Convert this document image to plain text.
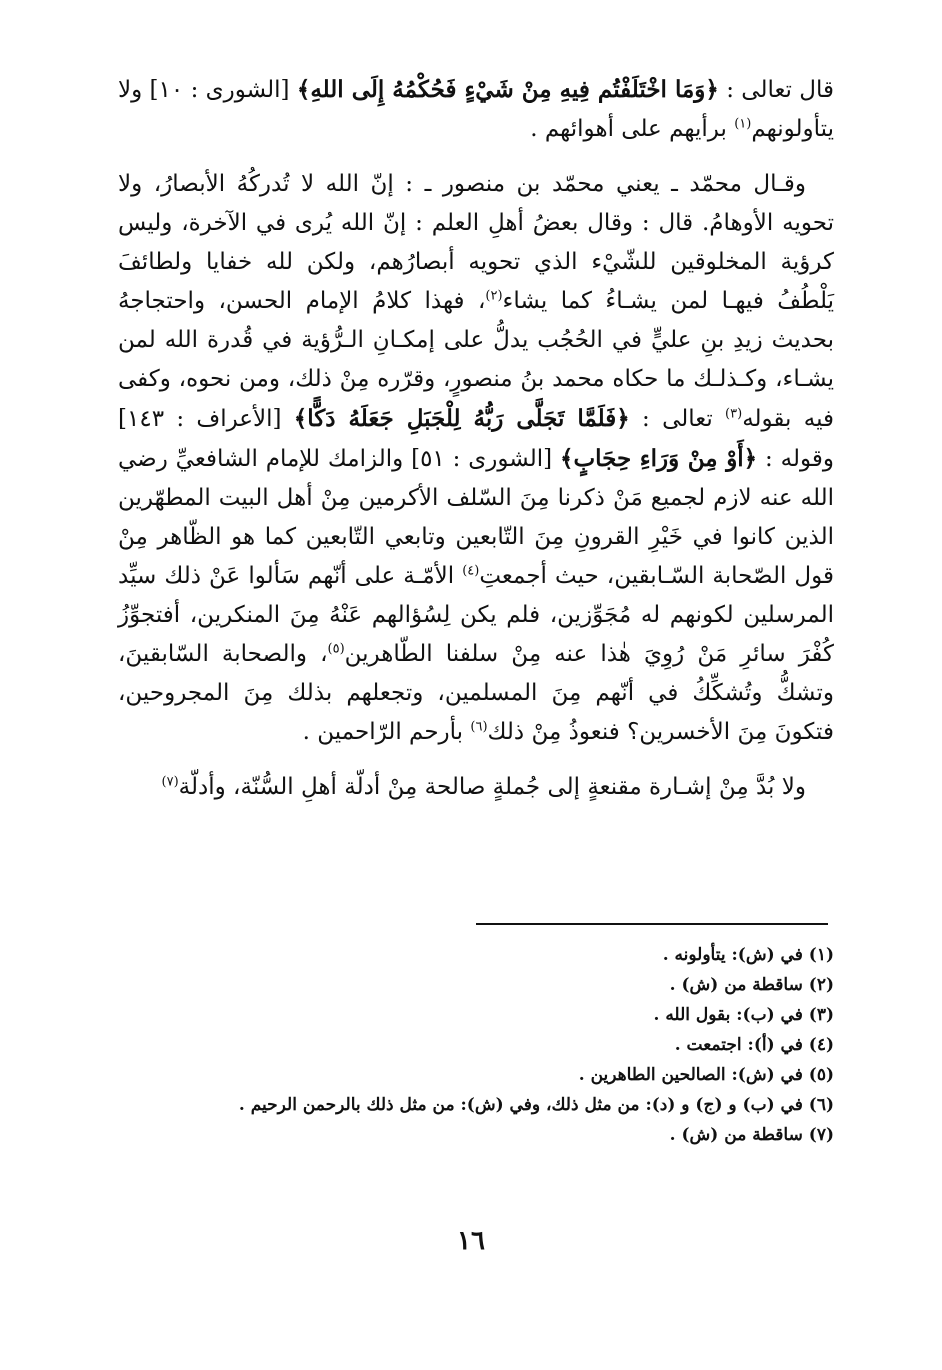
قال تعالى : ﴿وَمَا اخْتَلَفْتُم فِيهِ مِنْ شَيْءٍ فَحُكْمُهُ إِلَى اللهِ﴾ [الشورى : ١٠] ولا يتأولونهم$^{(١)}$ برأيهم على أهوائهم .

وقـال محمّد ـ يعني محمّد بن منصور ـ : إنّ الله لا تُدركُهُ الأبصارُ، ولا تحويه الأوهامُ. قال : وقال بعضُ أهلِ العلم : إنّ الله يُرى في الآخرة، وليس كرؤية المخلوقين للشّيْء الذي تحويه أبصارُهم، ولكن لله خفايا ولطائفَ يَلْطُفُ فيهـا لمن يشـاءُ كما يشاء$^{(٢)}$، فهذا كلامُ الإمام الحسن، واحتجاجهُ بحديث زيدِ بنِ عليٍّ في الحُجُب يدلُّ على إمكـانِ الـرُّؤية في قُدرة الله لمن يشـاء، وكـذلـك ما حكاه محمد بنُ منصورٍ، وقرّره مِنْ ذلك، ومن نحوه، وكفى فيه بقوله$^{(٣)}$ تعالى : ﴿فَلَمَّا تَجَلَّى رَبُّهُ لِلْجَبَلِ جَعَلَهُ دَكًّا﴾ [الأعراف : ١٤٣] وقوله : ﴿أَوْ مِنْ وَرَاءِ حِجَابٍ﴾ [الشورى : ٥١] والزامك للإمام الشافعيِّ رضي الله عنه لازم لجميع مَنْ ذكرنا مِنَ السّلف الأكرمين مِنْ أهل البيت المطهّرين الذين كانوا في خَيْرِ القرونِ مِنَ التّابعين وتابعي التّابعين كما هو الظّاهر مِنْ قول الصّحابة السّـابقين، حيث أجمعتِ$^{(٤)}$ الأمّـة على أنّهم سَألوا عَنْ ذلك سيِّد المرسلين لكونهم له مُجَوِّزين، فلم يكن لِسُؤالهم عَنْهُ مِنَ المنكرين، أفتجوِّزُ كُفْرَ سائرِ مَنْ رُوِيَ هٰذا عنه مِنْ سلفنا الطّاهرين$^{(٥)}$، والصحابة السّابقينَ، وتشكُّ وتُشكِّكُ في أنّهم مِنَ المسلمين، وتجعلهم بذلك مِنَ المجروحين، فتكونَ مِنَ الأخسرين؟ فنعوذُ مِنْ ذلك$^{(٦)}$ بأرحم الرّاحمين .

ولا بُدَّ مِنْ إشـارة مقنعةٍ إلى جُملةٍ صالحة مِنْ أدلّة أهلِ السُّنّة، وأدلّة$^{(٧)}$

(١) في (ش): يتأولونه .

(٢) ساقطة من (ش) .

(٣) في (ب): بقول الله .

(٤) في (أ): اجتمعت .

(٥) في (ش): الصالحين الطاهرين .

(٦) في (ب) و (ج) و (د): من مثل ذلك، وفي (ش): من مثل ذلك بالرحمن الرحيم .

(٧) ساقطة من (ش) .

١٦
